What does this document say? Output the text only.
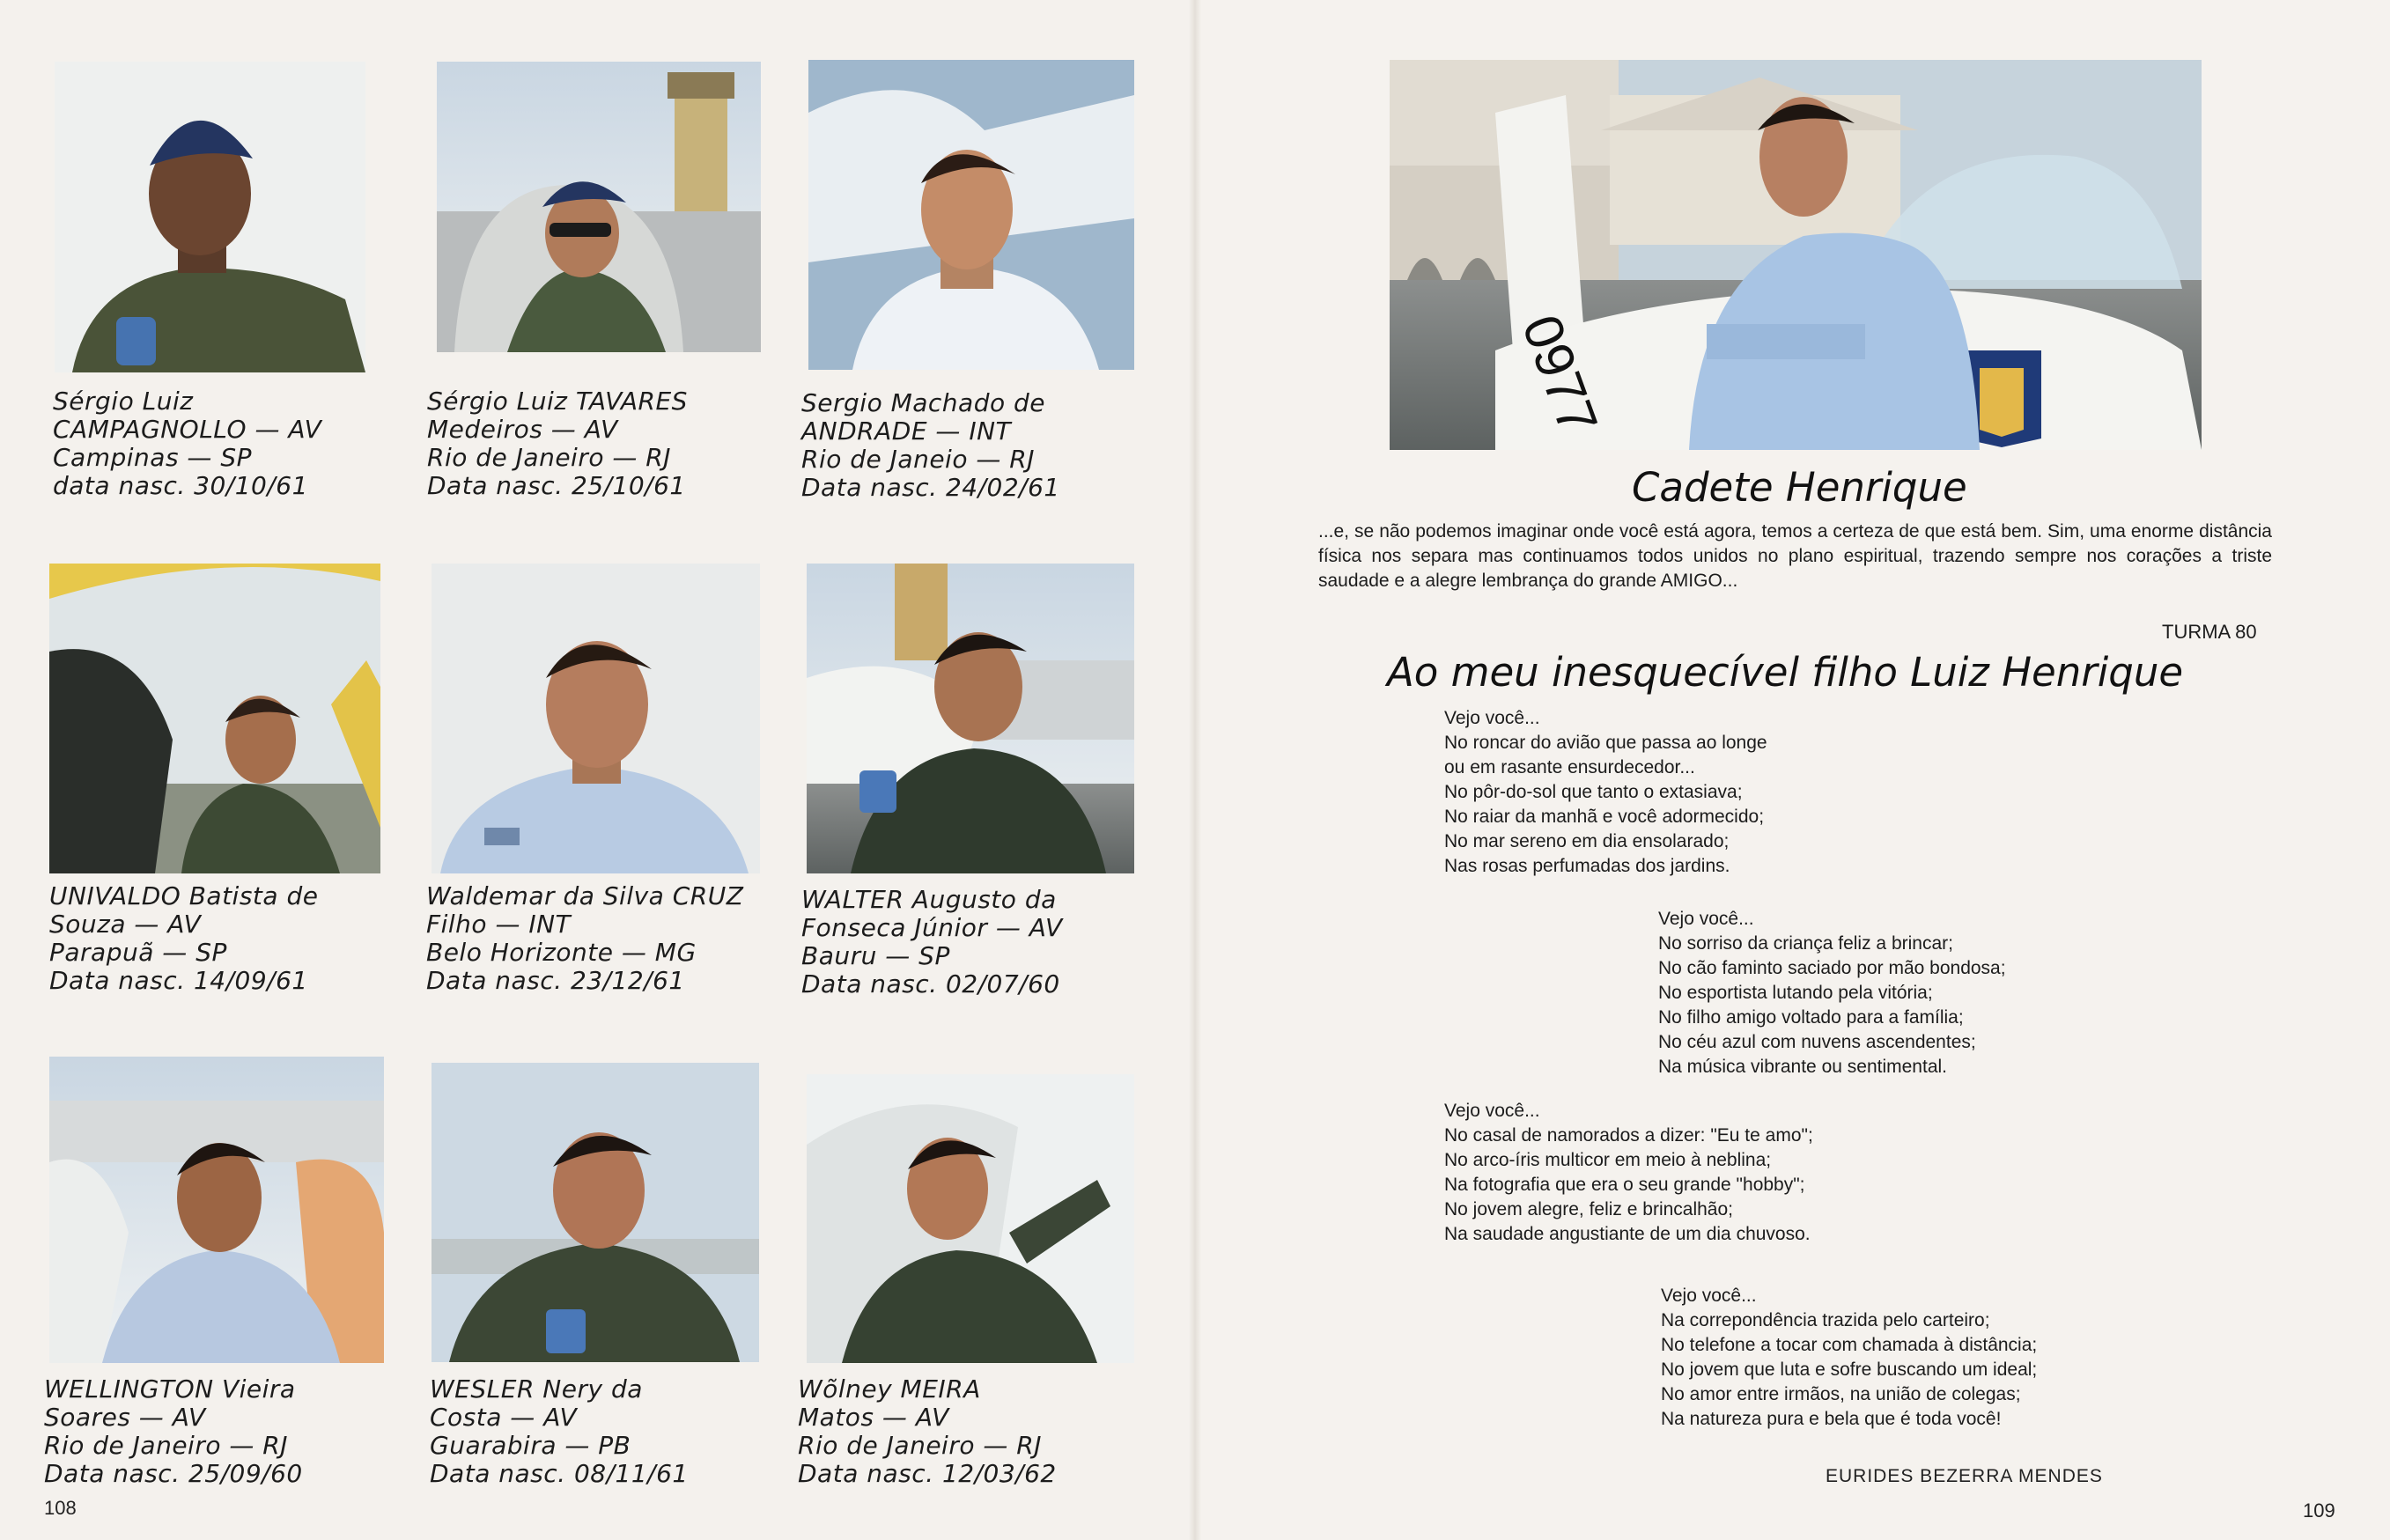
Sérgio Luiz
CAMPAGNOLLO — AV
Campinas — SP
data nasc. 30/10/61
Sérgio Luiz TAVARES
Medeiros — AV
Rio de Janeiro — RJ
Data nasc. 25/10/61
Sergio Machado de
ANDRADE — INT
Rio de Janeio — RJ
Data nasc. 24/02/61
UNIVALDO Batista de
Souza — AV
Parapuã — SP
Data nasc. 14/09/61
Waldemar da Silva CRUZ
Filho — INT
Belo Horizonte — MG
Data nasc. 23/12/61
WALTER Augusto da
Fonseca Júnior — AV
Bauru — SP
Data nasc. 02/07/60
WELLINGTON Vieira
Soares — AV
Rio de Janeiro — RJ
Data nasc. 25/09/60
WESLER Nery da
Costa — AV
Guarabira — PB
Data nasc. 08/11/61
Wõlney MEIRA
Matos — AV
Rio de Janeiro — RJ
Data nasc. 12/03/62
108
0977
Cadete Henrique
...e, se não podemos imaginar onde você está agora, temos a certeza de que está bem. Sim, uma enorme distância física nos separa mas continuamos todos unidos no plano espiritual, trazendo sempre nos corações a triste saudade e a alegre lembrança do grande AMIGO...
TURMA 80
Ao meu inesquecível filho Luiz Henrique
Vejo você...
No roncar do avião que passa ao longe
ou em rasante ensurdecedor...
No pôr-do-sol que tanto o extasiava;
No raiar da manhã e você adormecido;
No mar sereno em dia ensolarado;
Nas rosas perfumadas dos jardins.
Vejo você...
No sorriso da criança feliz a brincar;
No cão faminto saciado por mão bondosa;
No esportista lutando pela vitória;
No filho amigo voltado para a família;
No céu azul com nuvens ascendentes;
Na música vibrante ou sentimental.
Vejo você...
No casal de namorados a dizer: "Eu te amo";
No arco-íris multicor em meio à neblina;
Na fotografia que era o seu grande "hobby";
No jovem alegre, feliz e brincalhão;
Na saudade angustiante de um dia chuvoso.
Vejo você...
Na correpondência trazida pelo carteiro;
No telefone a tocar com chamada à distância;
No jovem que luta e sofre buscando um ideal;
No amor entre irmãos, na união de colegas;
Na natureza pura e bela que é toda você!
EURIDES BEZERRA MENDES
109
